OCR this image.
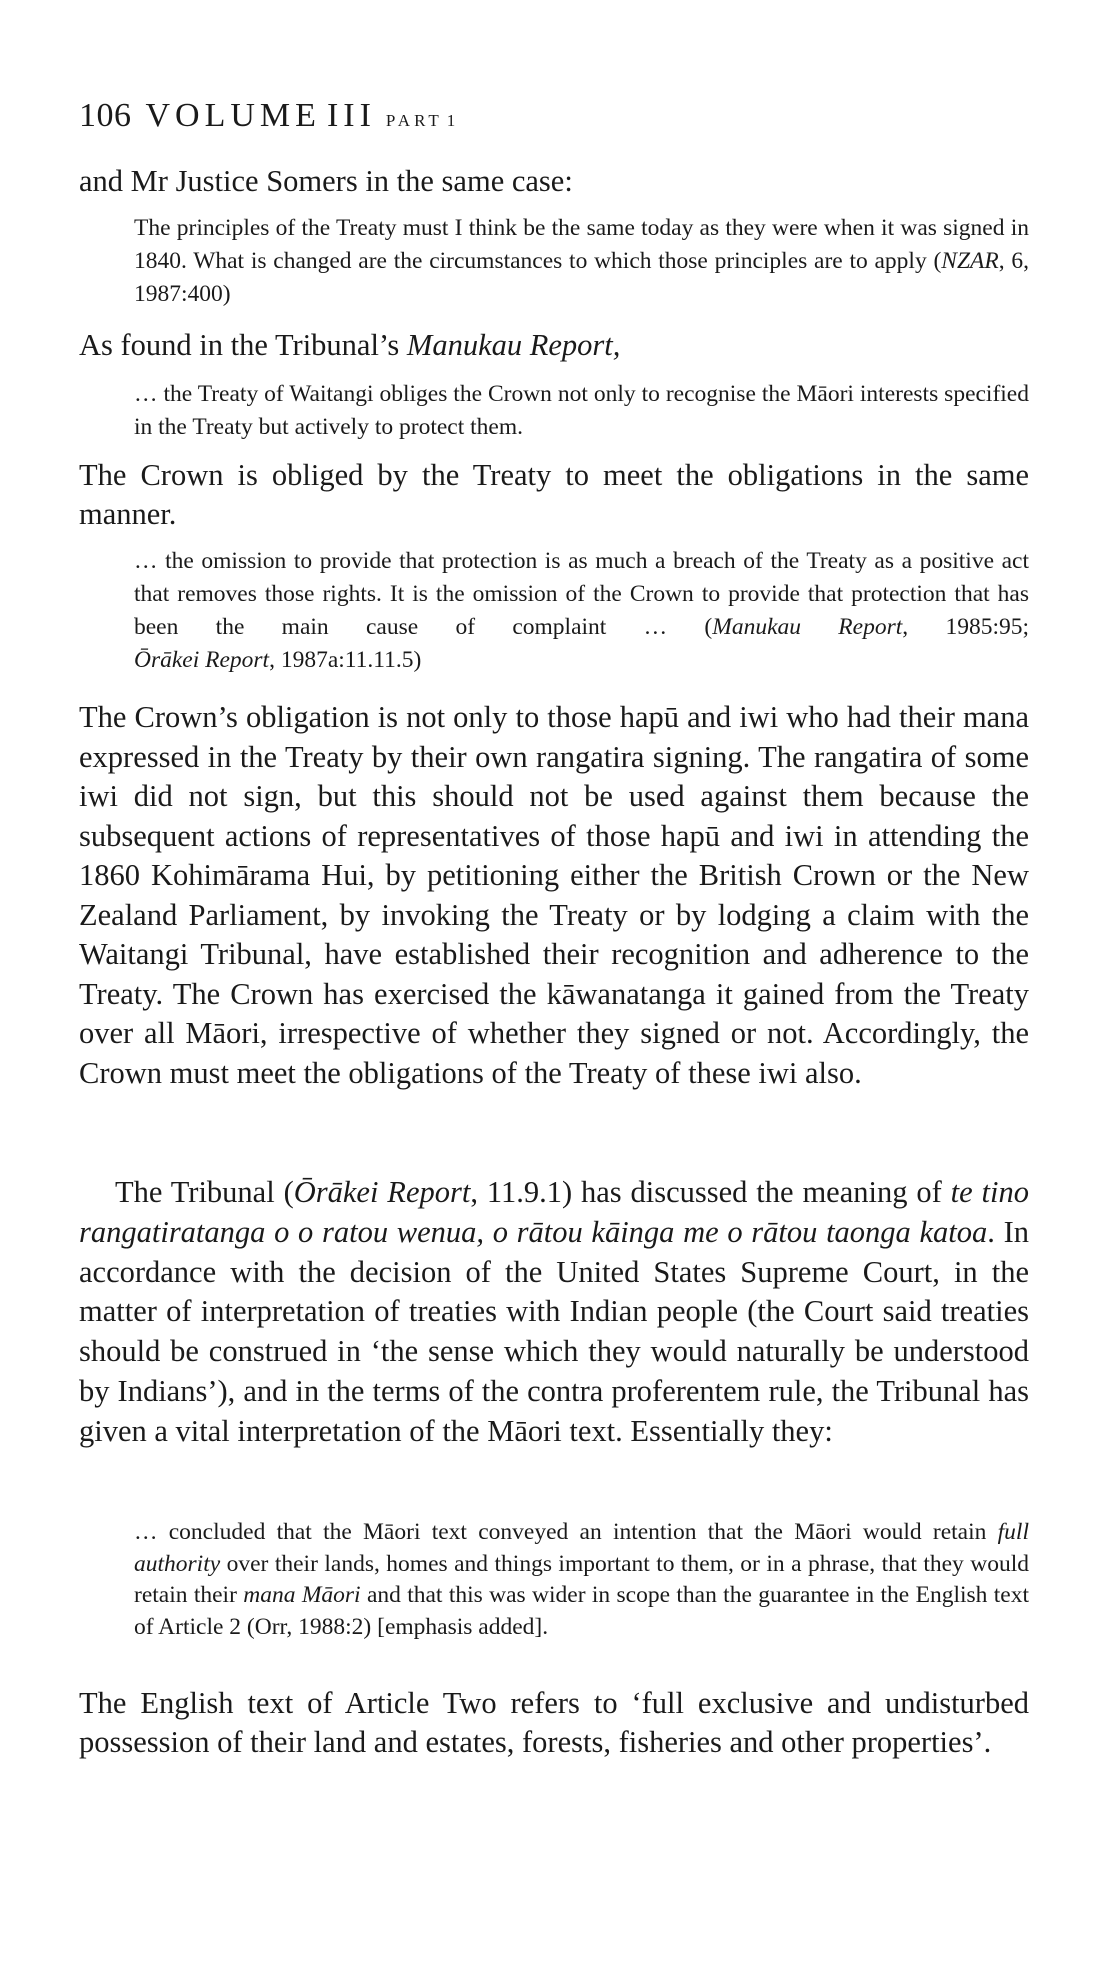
106 VOLUME III PART 1

and Mr Justice Somers in the same case:

The principles of the Treaty must I think be the same today as they were when it was signed in 1840. What is changed are the circumstances to which those principles are to apply (NZAR, 6, 1987:400)

As found in the Tribunal’s Manukau Report,

… the Treaty of Waitangi obliges the Crown not only to recognise the Māori interests specified in the Treaty but actively to protect them.

The Crown is obliged by the Treaty to meet the obligations in the same manner.

… the omission to provide that protection is as much a breach of the Treaty as a positive act that removes those rights. It is the omission of the Crown to provide that protection that has been the main cause of complaint … (Manukau Report, 1985:95; Ōrākei Report, 1987a:11.11.5)

The Crown’s obligation is not only to those hapū and iwi who had their mana expressed in the Treaty by their own rangatira signing. The rangatira of some iwi did not sign, but this should not be used against them because the subsequent actions of representatives of those hapū and iwi in attending the 1860 Kohimārama Hui, by petitioning either the British Crown or the New Zealand Parliament, by invoking the Treaty or by lodging a claim with the Waitangi Tribunal, have established their recognition and adherence to the Treaty. The Crown has exercised the kāwanatanga it gained from the Treaty over all Māori, irrespective of whether they signed or not. Accordingly, the Crown must meet the obligations of the Treaty of these iwi also.

The Tribunal (Ōrākei Report, 11.9.1) has discussed the meaning of te tino rangatiratanga o o ratou wenua, o rātou kāinga me o rātou taonga katoa. In accordance with the decision of the United States Supreme Court, in the matter of interpretation of treaties with Indian people (the Court said treaties should be construed in ‘the sense which they would naturally be understood by Indians’), and in the terms of the contra proferentem rule, the Tribunal has given a vital interpretation of the Māori text. Essentially they:

… concluded that the Māori text conveyed an intention that the Māori would retain full authority over their lands, homes and things important to them, or in a phrase, that they would retain their mana Māori and that this was wider in scope than the guarantee in the English text of Article 2 (Orr, 1988:2) [emphasis added].

The English text of Article Two refers to ‘full exclusive and undisturbed possession of their land and estates, forests, fisheries and other properties’.
